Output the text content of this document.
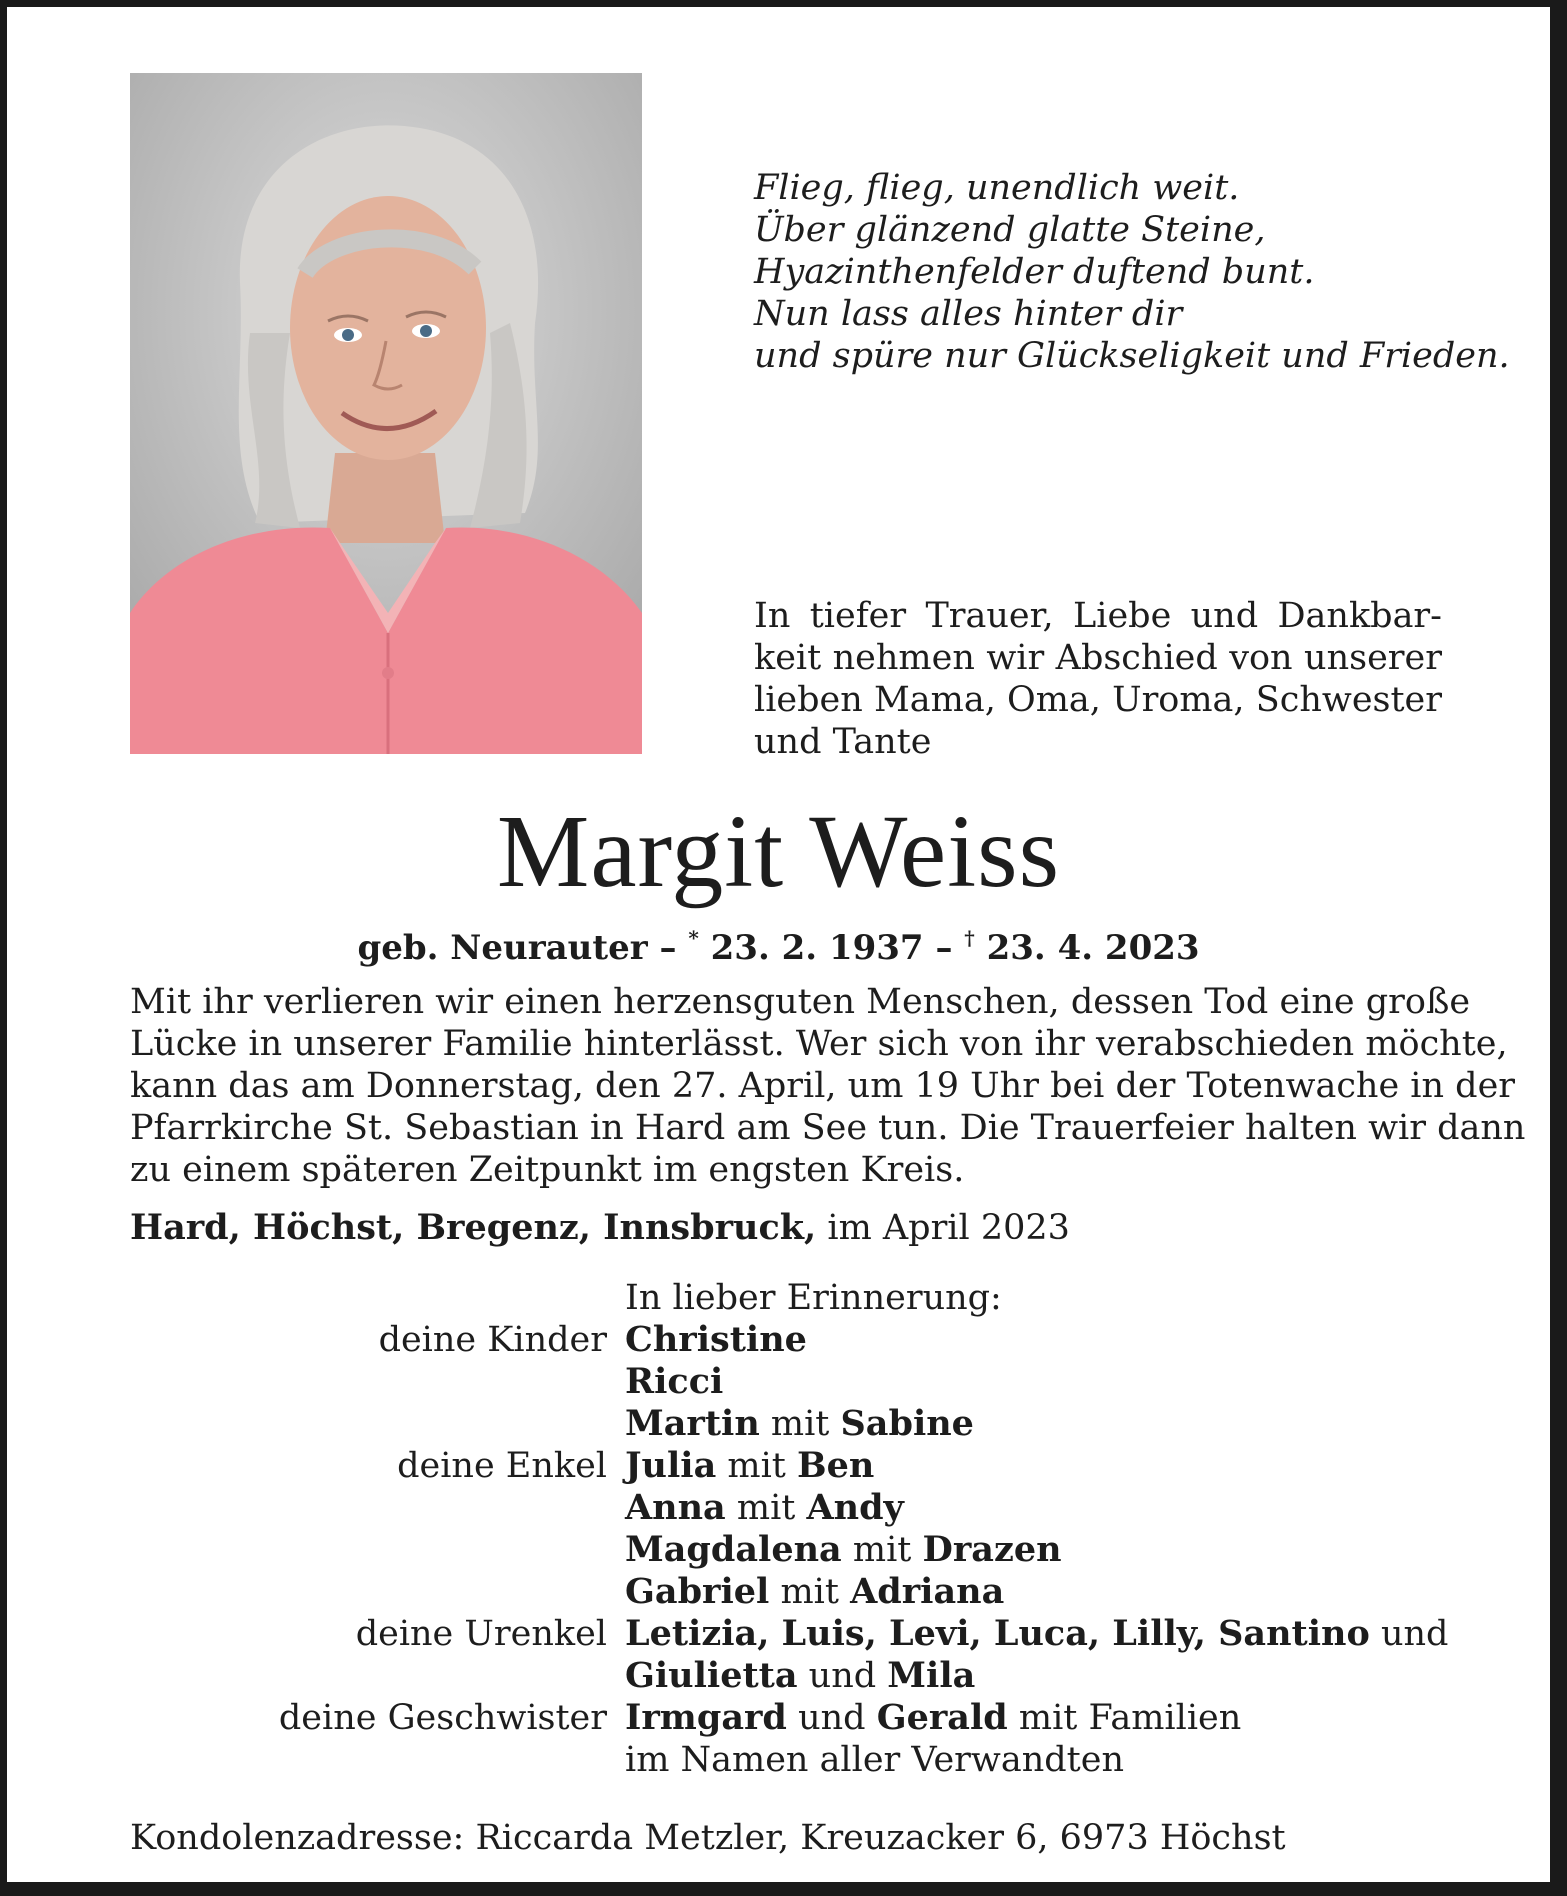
Flieg, flieg, unendlich weit.
Über glänzend glatte Steine,
Hyazinthenfelder duftend bunt.
Nun lass alles hinter dir
und spüre nur Glückseligkeit und Frieden.
In tiefer Trauer, Liebe und Dankbar-
keit nehmen wir Abschied von unserer
lieben Mama, Oma, Uroma, Schwester
und Tante
Margit Weiss
geb. Neurauter – * 23. 2. 1937 – † 23. 4. 2023
Mit ihr verlieren wir einen herzensguten Menschen, dessen Tod eine große
Lücke in unserer Familie hinterlässt. Wer sich von ihr verabschieden möchte,
kann das am Donnerstag, den 27. April, um 19 Uhr bei der Totenwache in der
Pfarrkirche St. Sebastian in Hard am See tun. Die Trauerfeier halten wir dann
zu einem späteren Zeitpunkt im engsten Kreis.
Hard, Höchst, Bregenz, Innsbruck, im April 2023
In lieber Erinnerung:
deine Kinder Christine
Ricci
Martin mit Sabine
deine Enkel Julia mit Ben
Anna mit Andy
Magdalena mit Drazen
Gabriel mit Adriana
deine Urenkel Letizia, Luis, Levi, Luca, Lilly, Santino und
Giulietta und Mila
deine Geschwister Irmgard und Gerald mit Familien
im Namen aller Verwandten
Kondolenzadresse: Riccarda Metzler, Kreuzacker 6, 6973 Höchst
